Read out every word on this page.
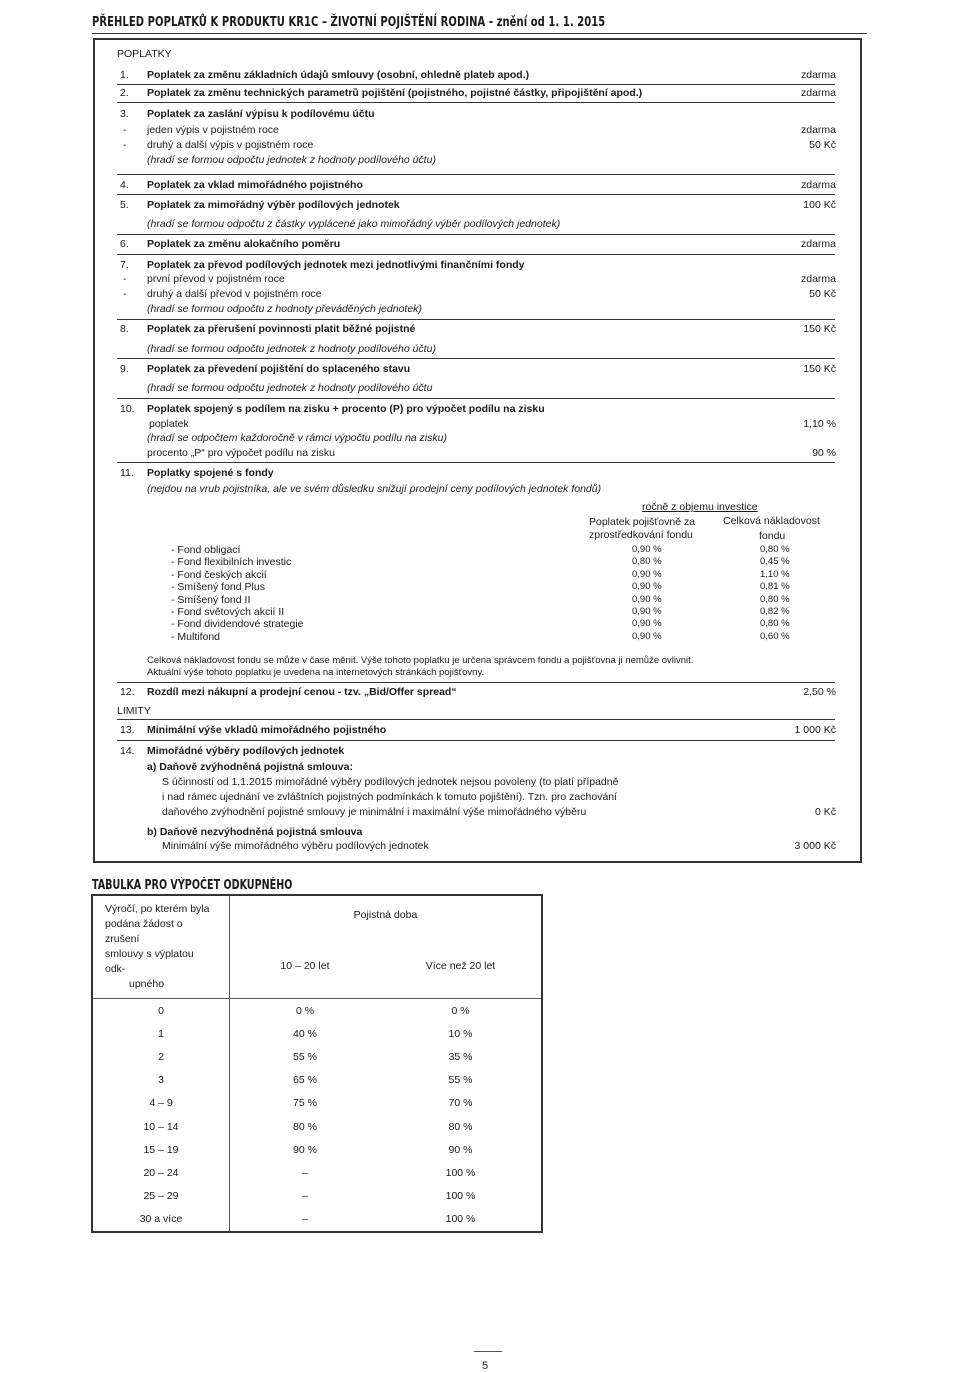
PŘEHLED POPLATKŮ K PRODUKTU KR1C – ŽIVOTNÍ POJIŠTĚNÍ RODINA - znění od 1. 1. 2015
POPLATKY
1. Poplatek za změnu základních údajů smlouvy (osobní, ohledně plateb apod.)	zdarma
2. Poplatek za změnu technických parametrů pojištění (pojistného, pojistné částky, připojištění apod.)	zdarma
3. Poplatek za zaslání výpisu k podílovému účtu
- jeden výpis v pojistném roce	zdarma
- druhý a další výpis v pojistném roce	50 Kč
(hradí se formou odpočtu jednotek z hodnoty podílového účtu)
4. Poplatek za vklad mimořádného pojistného	zdarma
5. Poplatek za mimořádný výběr podílových jednotek	100 Kč
(hradí se formou odpočtu z částky vyplácené jako mimořádný výběr podílových jednotek)
6. Poplatek za změnu alokačního poměru	zdarma
7. Poplatek za převod podílových jednotek mezi jednotlivými finančními fondy
- první převod v pojistném roce	zdarma
- druhý a další převod v pojistném roce	50 Kč
(hradí se formou odpočtu z hodnoty převáděných jednotek)
8. Poplatek za přerušení povinnosti platit běžné pojistné	150 Kč
(hradí se formou odpočtu jednotek z hodnoty podílového účtu)
9. Poplatek za převedení pojištění do splaceného stavu	150 Kč
(hradí se formou odpočtu jednotek z hodnoty podílového účtu
10. Poplatek spojený s podílem na zisku + procento (P) pro výpočet podílu na zisku
poplatek	1,10 %
(hradí se odpočtem každoročně v rámci výpočtu podílu na zisku)
procento „P“ pro výpočet podílu na zisku	90 %
11. Poplatky spojené s fondy
(nejdou na vrub pojistníka, ale ve svém důsledku snižují prodejní ceny podílových jednotek fondů)
ročně z objemu investice
Poplatek pojišťovně za
zprostředkování fondu
Celková nákladovost
fondu
- Fond obligací	0,90 %	0,80 %
- Fond flexibilních investic	0,80 %	0,45 %
- Fond českých akcií	0,90 %	1,10 %
- Smíšený fond Plus	0,90 %	0,81 %
- Smíšený fond II	0,90 %	0,80 %
- Fond světových akcií II	0,90 %	0,82 %
- Fond dividendové strategie	0,90 %	0,80 %
- Multifond	0,90 %	0,60 %
Celková nákladovost fondu se může v čase měnit. Výše tohoto poplatku je určena správcem fondu a pojišťovna ji nemůže ovlivnit.
Aktuální výše tohoto poplatku je uvedena na internetových stránkách pojišťovny.
12. Rozdíl mezi nákupní a prodejní cenou - tzv. „Bid/Offer spread“	2,50 %
LIMITY
13. Minimální výše vkladů mimořádného pojistného	1 000 Kč
14. Mimořádné výběry podílových jednotek
a) Daňově zvýhodněná pojistná smlouva:
S účinností od 1.1.2015 mimořádné výběry podílových jednotek nejsou povoleny (to platí případně
i nad rámec ujednání ve zvláštních pojistných podmínkách k tomuto pojištění). Tzn. pro zachování
daňového zvýhodnění pojistné smlouvy je minimální i maximální výše mimořádného výběru	0 Kč
b) Daňově nezvýhodněná pojistná smlouva
Minimální výše mimořádného výběru podílových jednotek	3 000 Kč
TABULKA PRO VÝPOČET ODKUPNÉHO
Výročí, po kterém byla
podána žádost o zrušení
smlouvy s výplatou odk-
upného	Pojistná doba	
	10 – 20 let	Více než 20 let
0	0 %	0 %
1	40 %	10 %
2	55 %	35 %
3	65 %	55 %
4 – 9	75 %	70 %
10 – 14	80 %	80 %
15 – 19	90 %	90 %
20 – 24	–	100 %
25 – 29	–	100 %
30 a více	–	100 %
5
